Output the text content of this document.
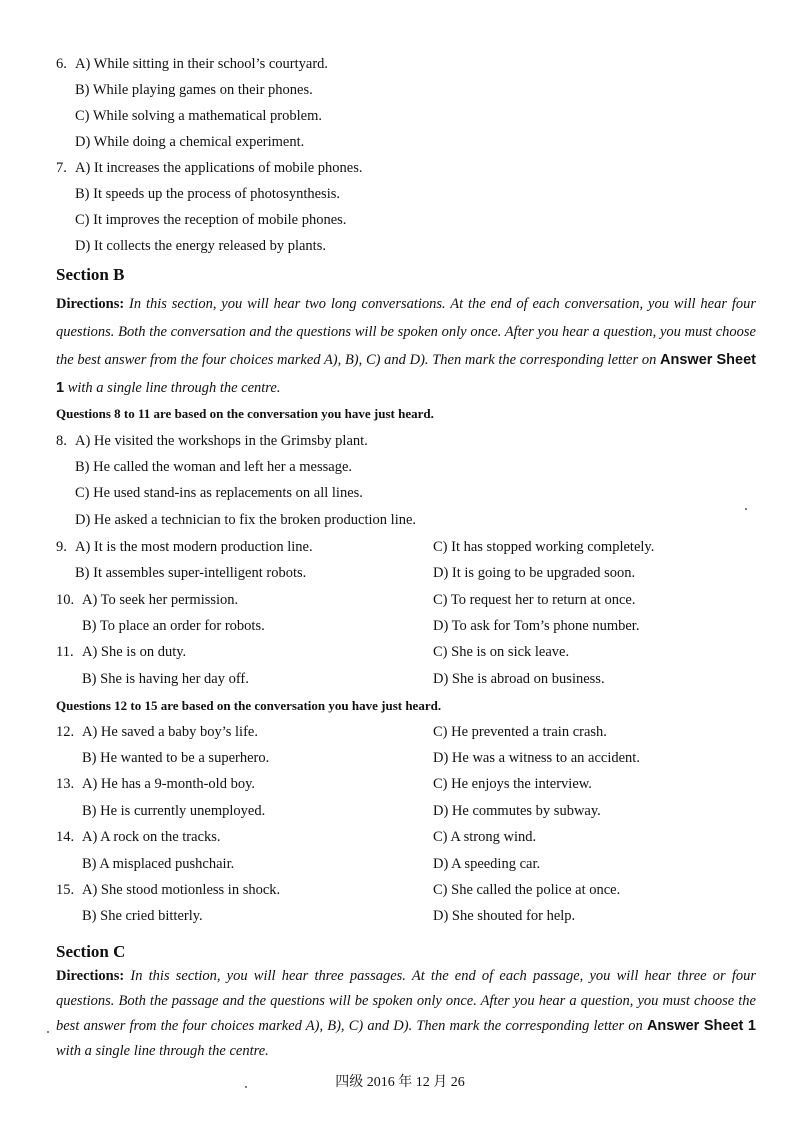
6. A) While sitting in their school’s courtyard.
B) While playing games on their phones.
C) While solving a mathematical problem.
D) While doing a chemical experiment.
7. A) It increases the applications of mobile phones.
B) It speeds up the process of photosynthesis.
C) It improves the reception of mobile phones.
D) It collects the energy released by plants.
Section B
Directions: In this section, you will hear two long conversations. At the end of each conversation, you will hear four questions. Both the conversation and the questions will be spoken only once. After you hear a question, you must choose the best answer from the four choices marked A), B), C) and D). Then mark the corresponding letter on Answer Sheet 1 with a single line through the centre.
Questions 8 to 11 are based on the conversation you have just heard.
8. A) He visited the workshops in the Grimsby plant.
B) He called the woman and left her a message.
C) He used stand-ins as replacements on all lines.
D) He asked a technician to fix the broken production line.
9. A) It is the most modern production line.	C) It has stopped working completely.
B) It assembles super-intelligent robots.	D) It is going to be upgraded soon.
10. A) To seek her permission.	C) To request her to return at once.
B) To place an order for robots.	D) To ask for Tom’s phone number.
11. A) She is on duty.	C) She is on sick leave.
B) She is having her day off.	D) She is abroad on business.
Questions 12 to 15 are based on the conversation you have just heard.
12. A) He saved a baby boy’s life.	C) He prevented a train crash.
B) He wanted to be a superhero.	D) He was a witness to an accident.
13. A) He has a 9-month-old boy.	C) He enjoys the interview.
B) He is currently unemployed.	D) He commutes by subway.
14. A) A rock on the tracks.	C) A strong wind.
B) A misplaced pushchair.	D) A speeding car.
15. A) She stood motionless in shock.	C) She called the police at once.
B) She cried bitterly.	D) She shouted for help.
Section C
Directions: In this section, you will hear three passages. At the end of each passage, you will hear three or four questions. Both the passage and the questions will be spoken only once. After you hear a question, you must choose the best answer from the four choices marked A), B), C) and D). Then mark the corresponding letter on Answer Sheet 1 with a single line through the centre.
四级 2016 年 12 月 26
